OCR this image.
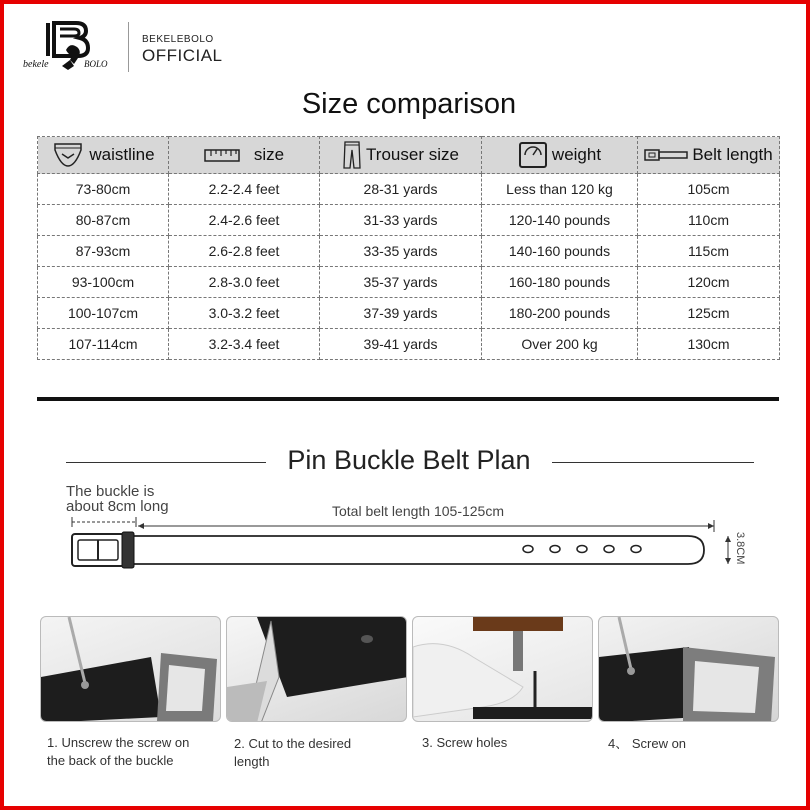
bekele	BOLO
BEKELEBOLO
OFFICIAL
Size comparison
waistline	size	Trouser size	weight	Belt length

73-80cm	2.2-2.4 feet	28-31 yards	Less than 120 kg	105cm
80-87cm	2.4-2.6 feet	31-33 yards	120-140 pounds	110cm
87-93cm	2.6-2.8 feet	33-35 yards	140-160 pounds	115cm
93-100cm	2.8-3.0 feet	35-37 yards	160-180 pounds	120cm
100-107cm	3.0-3.2 feet	37-39 yards	180-200 pounds	125cm
107-114cm	3.2-3.4 feet	39-41 yards	Over 200 kg	130cm
Pin Buckle Belt Plan
The buckle is
about 8cm long	Total belt length 105-125cm
3.8CM
1. Unscrew the screw on
the back of the buckle
2. Cut to the desired
length
3. Screw holes	4、 Screw on
